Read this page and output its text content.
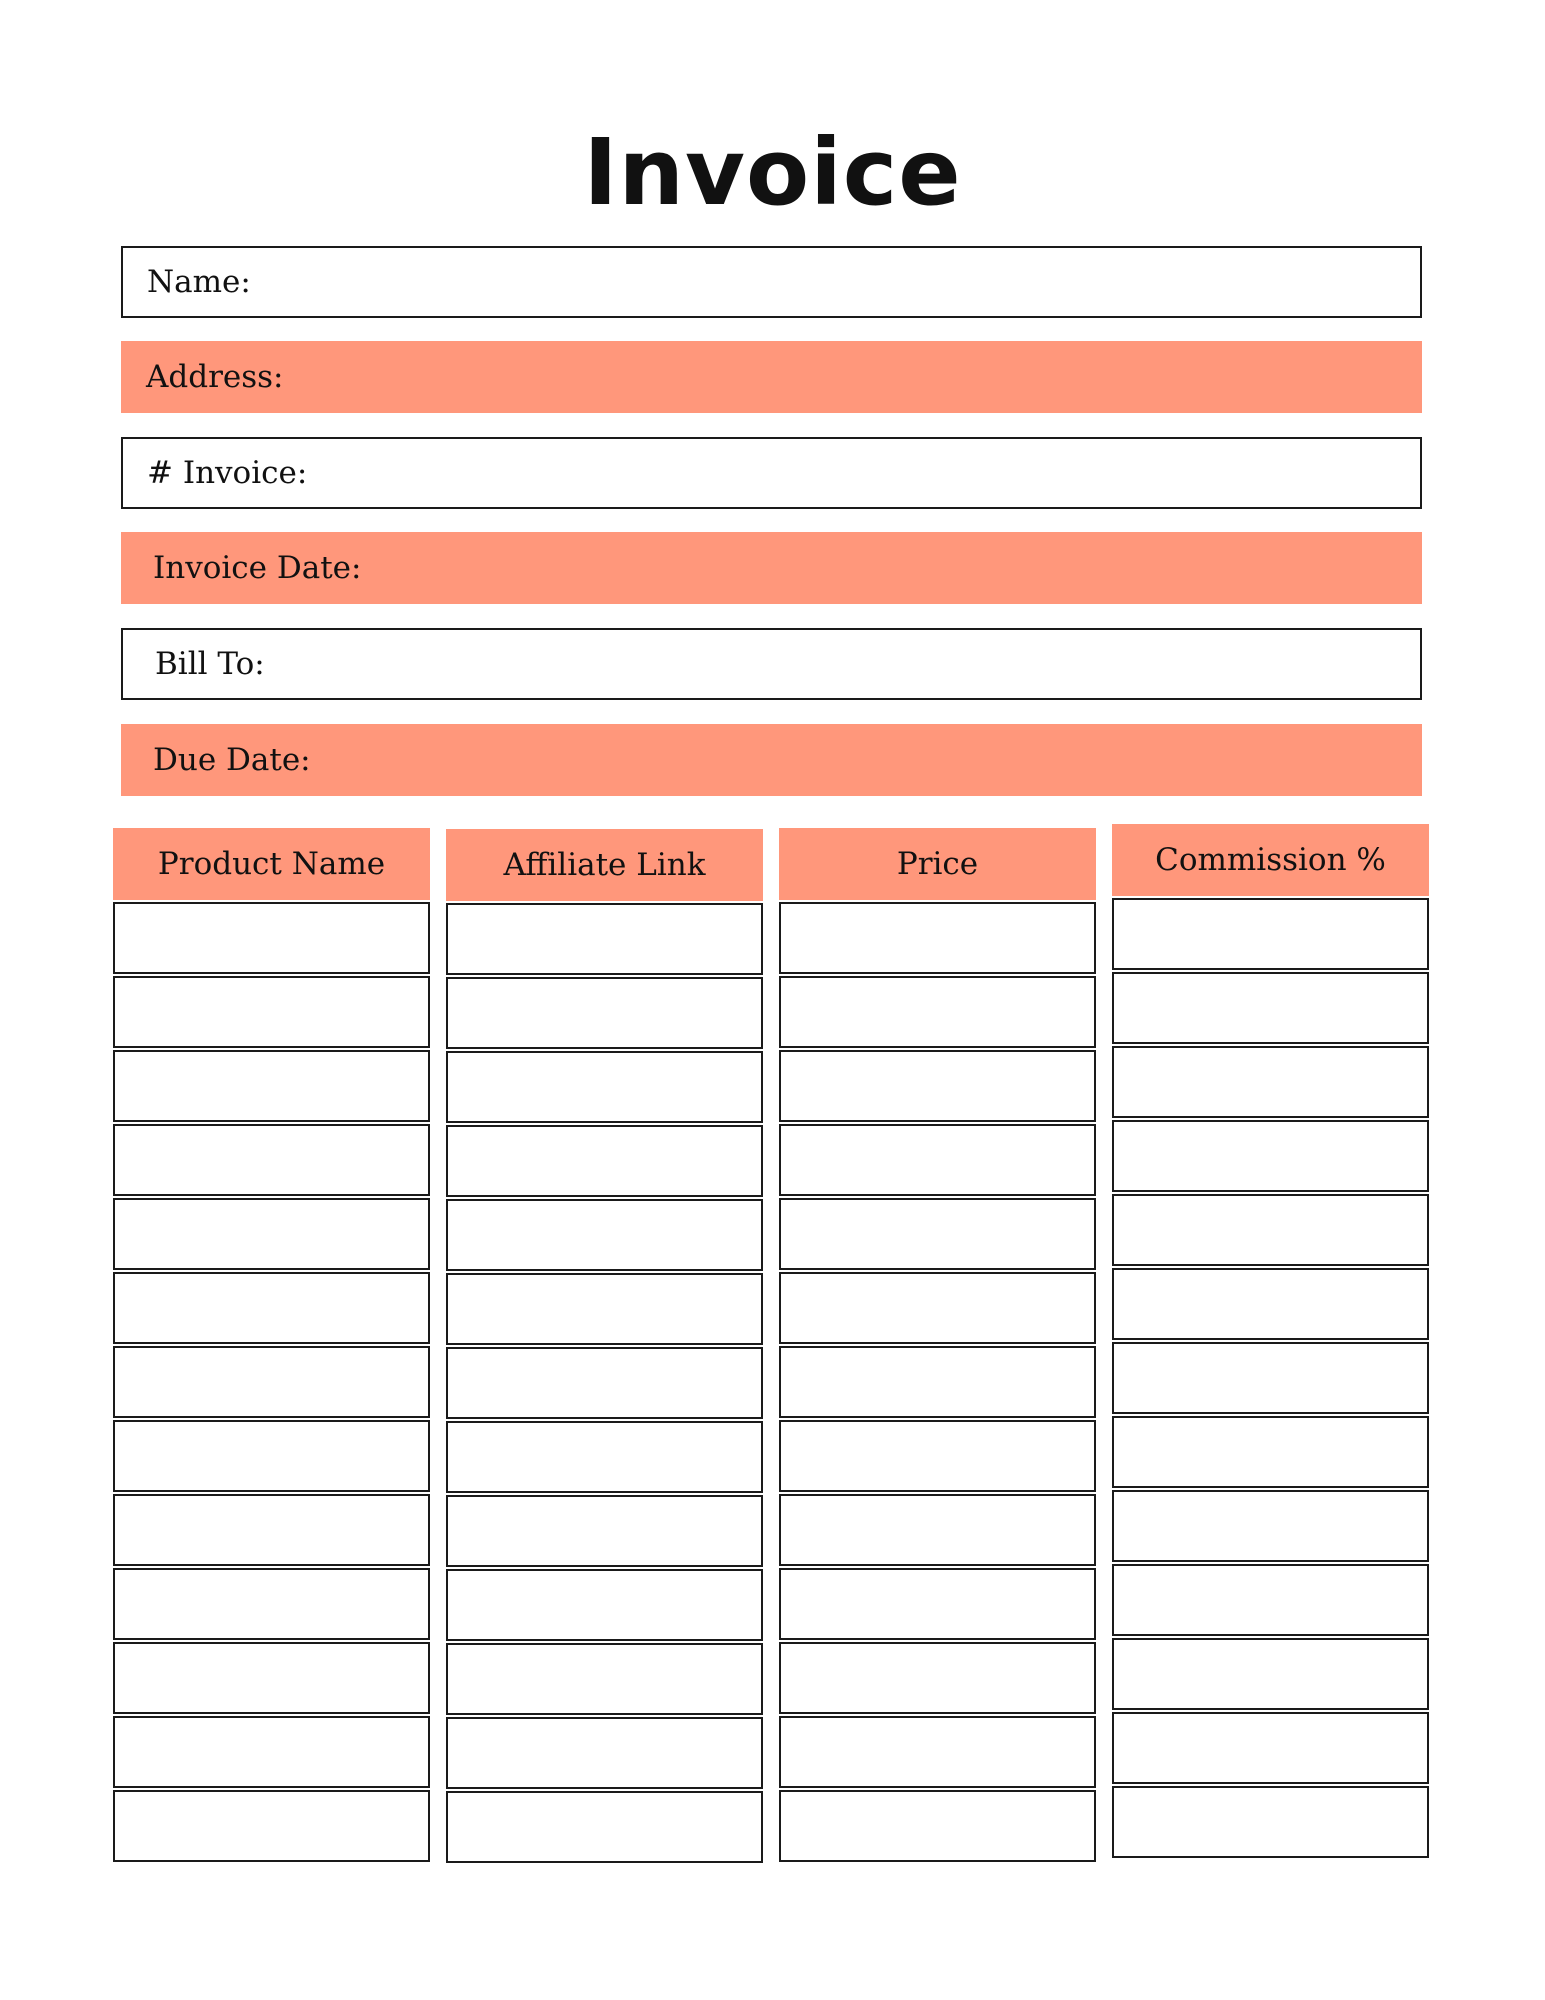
Invoice
Name:
Address:
# Invoice:
Invoice Date:
Bill To:
Due Date:
Product Name	Affiliate Link	Price	Commission %
